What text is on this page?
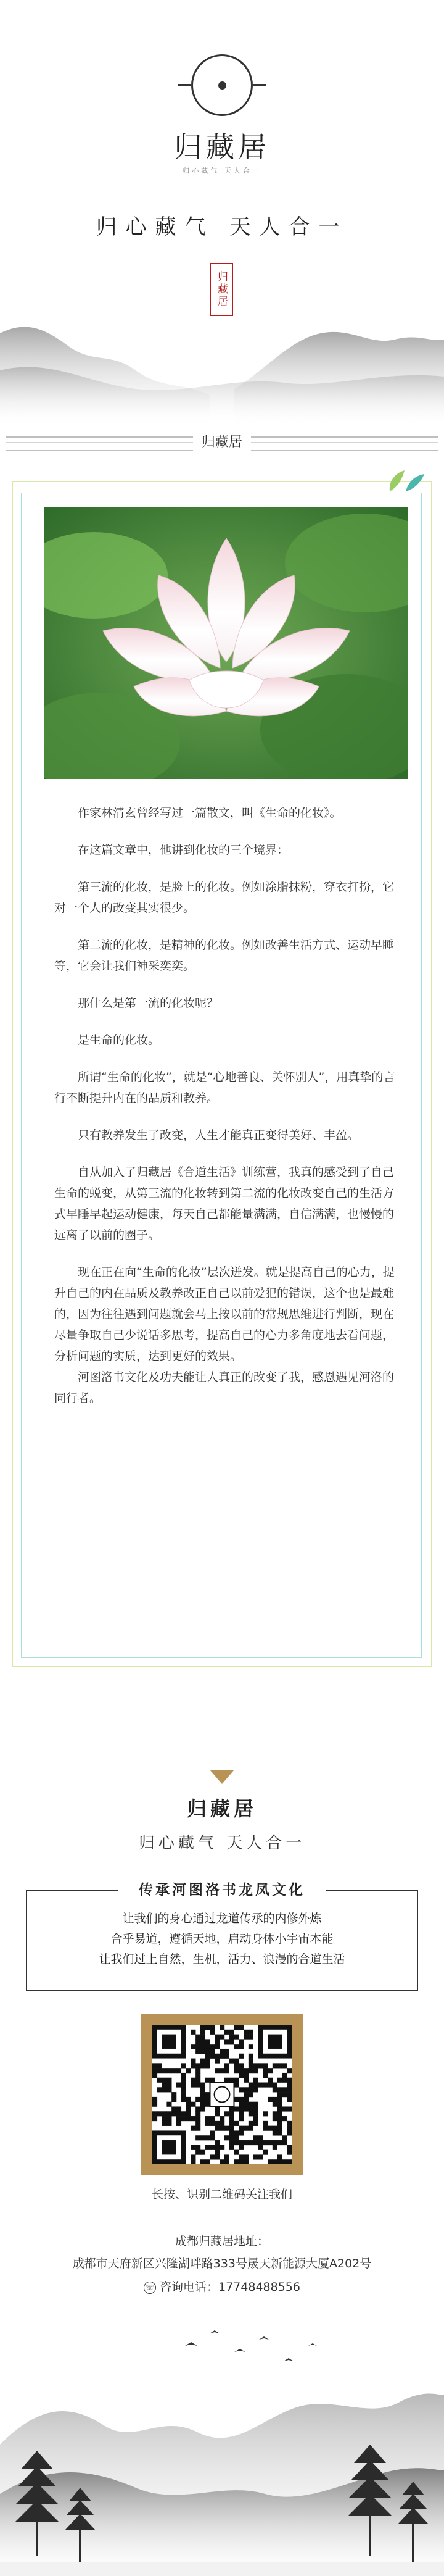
归藏居
归心藏气 天人合一
归心藏气 天人合一
归藏居
归藏居

作家林清玄曾经写过一篇散文，叫《生命的化妆》。

在这篇文章中，他讲到化妆的三个境界：

第三流的化妆，是脸上的化妆。例如涂脂抹粉，穿衣打扮，它对一个人的改变其实很少。

第二流的化妆，是精神的化妆。例如改善生活方式、运动早睡等，它会让我们神采奕奕。

那什么是第一流的化妆呢？

是生命的化妆。

所谓“生命的化妆”，就是“心地善良、关怀别人”，用真挚的言行不断提升内在的品质和教养。

只有教养发生了改变，人生才能真正变得美好、丰盈。

自从加入了归藏居《合道生活》训练营，我真的感受到了自己生命的蜕变，从第三流的化妆转到第二流的化妆改变自己的生活方式早睡早起运动健康，每天自己都能量满满，自信满满，也慢慢的远离了以前的圈子。

现在正在向“生命的化妆”层次迸发。就是提高自己的心力，提升自己的内在品质及教养改正自己以前爱犯的错误，这个也是最难的，因为往往遇到问题就会马上按以前的常规思维进行判断，现在尽量争取自己少说话多思考，提高自己的心力多角度地去看问题，分析问题的实质，达到更好的效果。

河图洛书文化及功夫能让人真正的改变了我，感恩遇见河洛的同行者。

归藏居
归心藏气 天人合一
传承河图洛书龙凤文化
让我们的身心通过龙道传承的内修外炼
合乎易道，遵循天地，启动身体小宇宙本能
让我们过上自然，生机，活力、浪漫的合道生活
长按、识别二维码关注我们
成都归藏居地址：
成都市天府新区兴隆湖畔路333号晟天新能源大厦A202号
☏ 咨询电话：17748488556
